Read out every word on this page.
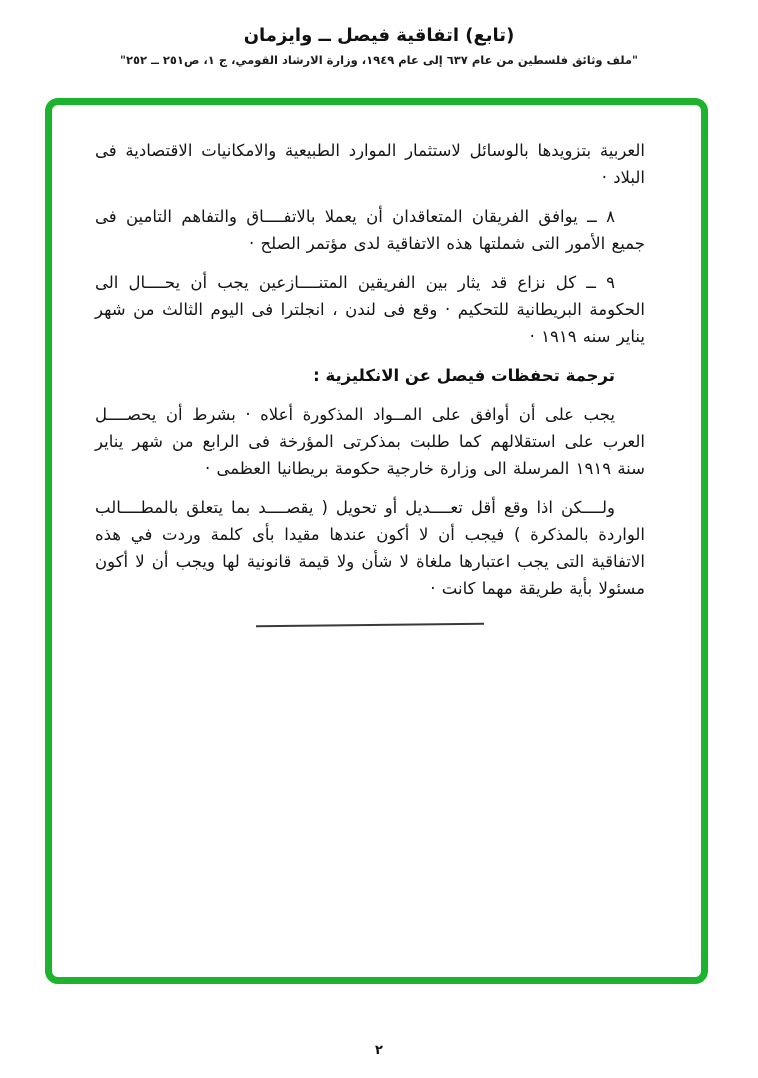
(تابع) اتفاقية فيصل ــ وايزمان
"ملف وثائق فلسطين من عام ٦٣٧ إلى عام ١٩٤٩، وزارة الارشاد القومي، ج ١، ص٢٥١ ــ ٢٥٢"

العربية بتزويدها بالوسائل لاستثمار الموارد الطبيعية والامكانيات الاقتصادية فى البلاد ·

٨ ــ يوافق الفريقان المتعاقدان أن يعملا بالاتفــــاق والتفاهم التامين فى جميع الأمور التى شملتها هذه الاتفاقية لدى مؤتمر الصلح ·

٩ ــ كل نزاع قد يثار بين الفريقين المتنــــازعين يجب أن يحــــال الى الحكومة البريطانية للتحكيم · وقع فى لندن ، انجلترا فى اليوم الثالث من شهر يناير سنه ١٩١٩ ·

ترجمة تحفظات فيصل عن الانكليزية :

يجب على أن أوافق على المــواد المذكورة أعلاه · بشرط أن يحصــــل العرب على استقلالهم كما طلبت بمذكرتى المؤرخة فى الرابع من شهر يناير سنة ١٩١٩ المرسلة الى وزارة خارجية حكومة بريطانيا العظمى ·

ولــــكن اذا وقع أقل تعــــديل أو تحويل ( يقصــــد بما يتعلق بالمطــــالب الواردة بالمذكرة ) فيجب أن لا أكون عندها مقيدا بأى كلمة وردت في هذه الاتفاقية التى يجب اعتبارها ملغاة لا شأن ولا قيمة قانونية لها ويجب أن لا أكون مسئولا بأية طريقة مهما كانت ·

٢
